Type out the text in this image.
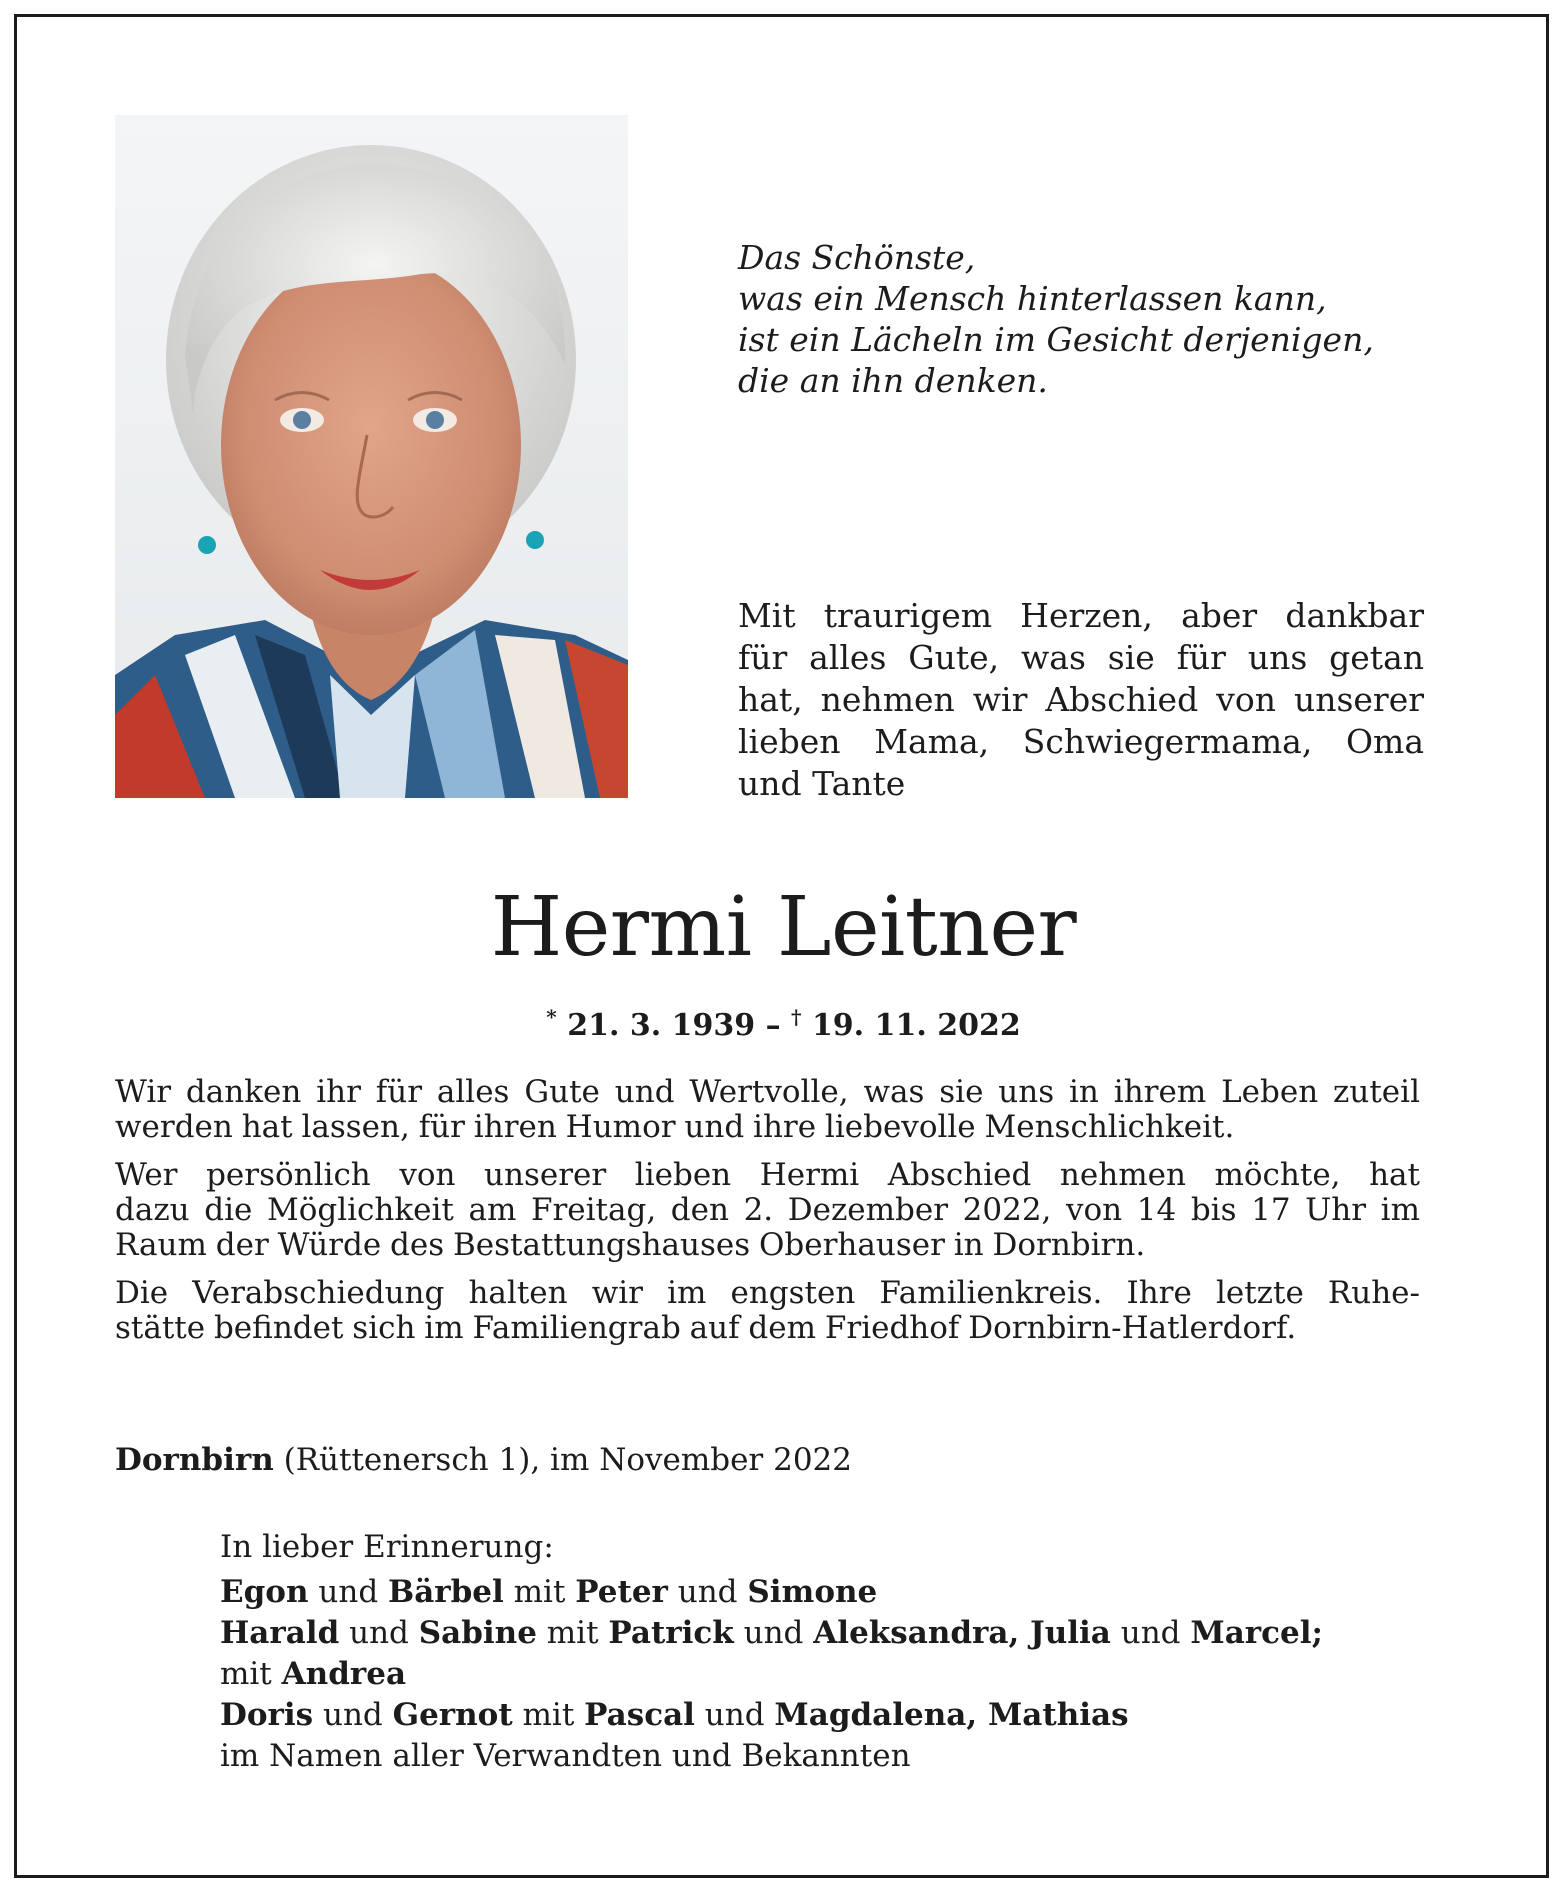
Das Schönste,
was ein Mensch hinterlassen kann,
ist ein Lächeln im Gesicht derjenigen,
die an ihn denken.
Mit traurigem Herzen, aber dankbar
für alles Gute, was sie für uns getan
hat, nehmen wir Abschied von unserer
lieben Mama, Schwiegermama, Oma
und Tante
Hermi Leitner
* 21. 3. 1939 – † 19. 11. 2022

Wir danken ihr für alles Gute und Wertvolle, was sie uns in ihrem Leben zuteil
werden hat lassen, für ihren Humor und ihre liebevolle Menschlichkeit.

Wer persönlich von unserer lieben Hermi Abschied nehmen möchte, hat
dazu die Möglichkeit am Freitag, den 2. Dezember 2022, von 14 bis 17 Uhr im
Raum der Würde des Bestattungshauses Oberhauser in Dornbirn.

Die Verabschiedung halten wir im engsten Familienkreis. Ihre letzte Ruhe-
stätte befindet sich im Familiengrab auf dem Friedhof Dornbirn-Hatlerdorf.

Dornbirn (Rüttenersch 1), im November 2022
In lieber Erinnerung:
Egon und Bärbel mit Peter und Simone
Harald und Sabine mit Patrick und Aleksandra, Julia und Marcel;
mit Andrea
Doris und Gernot mit Pascal und Magdalena, Mathias
im Namen aller Verwandten und Bekannten
